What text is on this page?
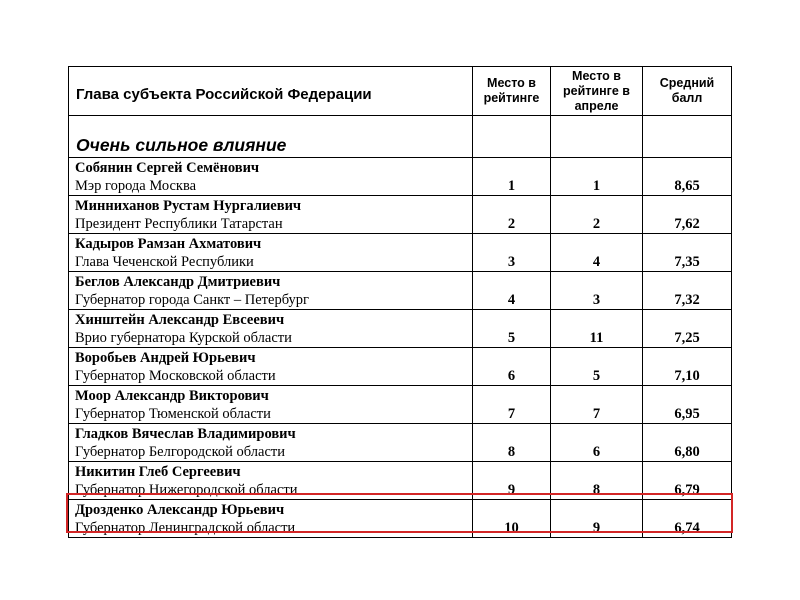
Глава субъекта Российской Федерации	Место в рейтинге	Место в рейтинге в апреле	Средний балл
Очень сильное влияние			

Собянин Сергей Семёнович
Мэр города Москва	1	1	8,65

Минниханов Рустам Нургалиевич
Президент Республики Татарстан	2	2	7,62

Кадыров Рамзан Ахматович
Глава Чеченской Республики	3	4	7,35

Беглов Александр Дмитриевич
Губернатор города Санкт – Петербург	4	3	7,32

Хинштейн Александр Евсеевич
Врио губернатора Курской области	5	11	7,25

Воробьев Андрей Юрьевич
Губернатор Московской области	6	5	7,10

Моор Александр Викторович
Губернатор Тюменской области	7	7	6,95

Гладков Вячеслав Владимирович
Губернатор Белгородской области	8	6	6,80

Никитин Глеб Сергеевич
Губернатор Нижегородской области	9	8	6,79

Дрозденко Александр Юрьевич
Губернатор Ленинградской области	10	9	6,74
